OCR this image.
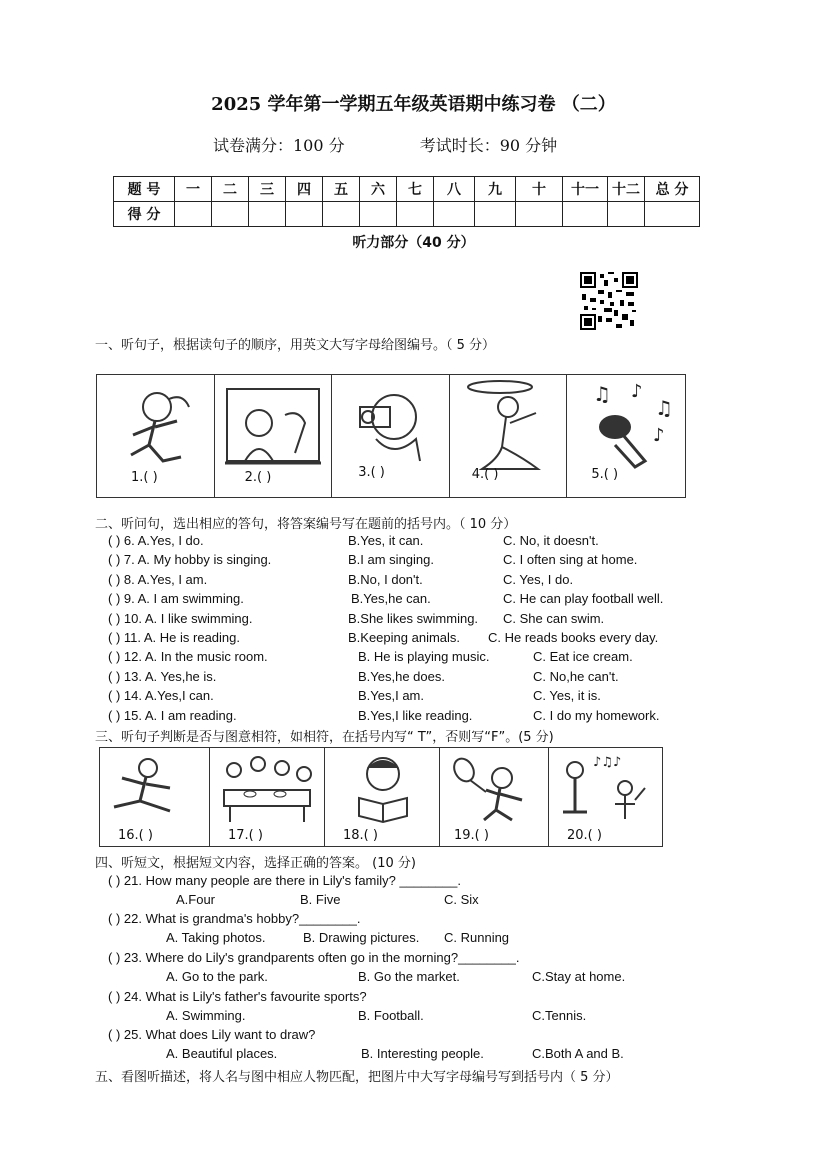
2025 学年第一学期五年级英语期中练习卷 （二）
试卷满分：100 分	考试时长：90 分钟
题 号	一	二	三	四	五	六	七	八	九	十	十一	十二	总 分
得 分													
听力部分（40 分）
一、听句子，根据读句子的顺序，用英文大写字母给图编号。（ 5 分）
1.( )	2.( )	3.( )	4.( )
♫ ♪
♫
♪
5.( )
二、听问句，选出相应的答句，将答案编号写在题前的括号内。（ 10 分）
( ) 6. A.Yes, I do.	B.Yes, it can.	C. No, it doesn't.
( ) 7. A. My hobby is singing.	B.I am singing.	C. I often sing at home.
( ) 8. A.Yes, I am.	B.No, I don't.	C. Yes, I do.
( ) 9. A. I am swimming.	B.Yes,he can.	C. He can play football well.
( ) 10. A. I like swimming.	B.She likes swimming. C. She can swim.
( ) 11. A. He is reading.	B.Keeping animals. C. He reads books every day.
( ) 12. A. In the music room.	B. He is playing music.	C. Eat ice cream.
( ) 13. A. Yes,he is.	B.Yes,he does.	C. No,he can't.
( ) 14. A.Yes,I can.	B.Yes,I am.	C. Yes, it is.
( ) 15. A. I am reading.	B.Yes,I like reading.	C. I do my homework.
三、听句子判断是否与图意相符，如相符，在括号内写“ T”，否则写“F”。(5 分)
16.( )	17.( )	18.( )	19.( )
♪♫♪
20.( )
四、听短文，根据短文内容，选择正确的答案。 (10 分)
( ) 21. How many people are there in Lily's family? ________.
A.Four	B. Five	C. Six
( ) 22. What is grandma's hobby?________.
A. Taking photos.	B. Drawing pictures. C. Running
( ) 23. Where do Lily's grandparents often go in the morning?________.
A. Go to the park.	B. Go the market.	C.Stay at home.
( ) 24. What is Lily's father's favourite sports?
A. Swimming.	B. Football.	C.Tennis.
( ) 25. What does Lily want to draw?
A. Beautiful places.	B. Interesting people.	C.Both A and B.
五、看图听描述，将人名与图中相应人物匹配，把图片中大写字母编号写到括号内（ 5 分）
